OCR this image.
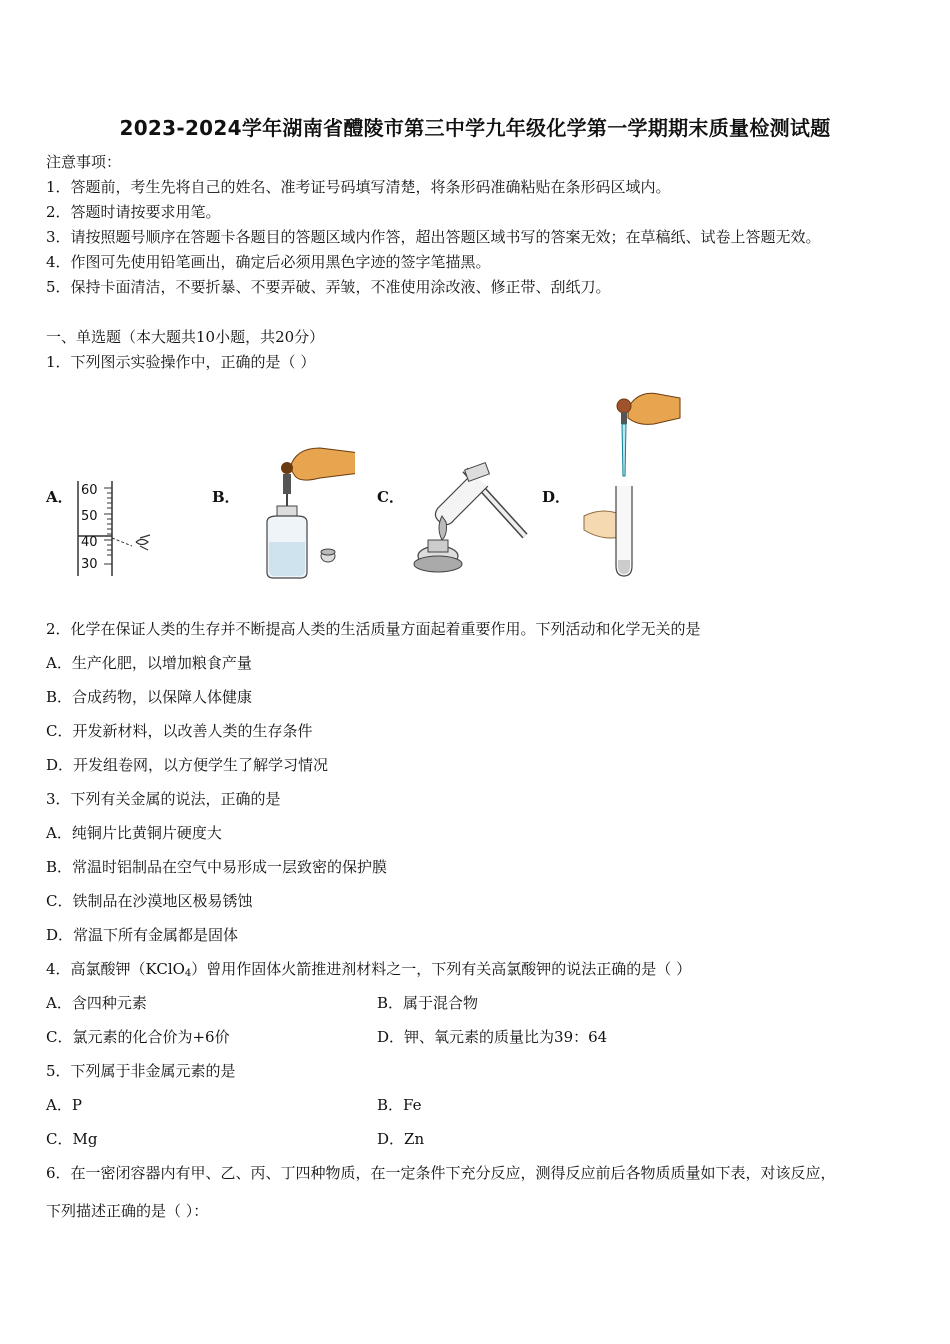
2023-2024学年湖南省醴陵市第三中学九年级化学第一学期期末质量检测试题
注意事项：
1．答题前，考生先将自己的姓名、准考证号码填写清楚，将条形码准确粘贴在条形码区域内。
2．答题时请按要求用笔。
3．请按照题号顺序在答题卡各题目的答题区域内作答，超出答题区域书写的答案无效；在草稿纸、试卷上答题无效。
4．作图可先使用铅笔画出，确定后必须用黑色字迹的签字笔描黑。
5．保持卡面清洁，不要折暴、不要弄破、弄皱，不准使用涂改液、修正带、刮纸刀。
一、单选题（本大题共10小题，共20分）
1．下列图示实验操作中，正确的是（ ）
A． 60
50
40
30
B．	C．	D．
2．化学在保证人类的生存并不断提高人类的生活质量方面起着重要作用。下列活动和化学无关的是
A．生产化肥，以增加粮食产量
B．合成药物，以保障人体健康
C．开发新材料，以改善人类的生存条件
D．开发组卷网，以方便学生了解学习情况
3．下列有关金属的说法，正确的是
A．纯铜片比黄铜片硬度大
B．常温时铝制品在空气中易形成一层致密的保护膜
C．铁制品在沙漠地区极易锈蚀
D．常温下所有金属都是固体
4．高氯酸钾（KClO$_4$）曾用作固体火箭推进剂材料之一，下列有关高氯酸钾的说法正确的是（ ）
A．含四种元素	B．属于混合物
C．氯元素的化合价为+6价	D．钾、氧元素的质量比为39：64
5．下列属于非金属元素的是
A．P	B．Fe
C．Mg	D．Zn
6．在一密闭容器内有甲、乙、丙、丁四种物质，在一定条件下充分反应，测得反应前后各物质质量如下表，对该反应，
下列描述正确的是（ ）：
